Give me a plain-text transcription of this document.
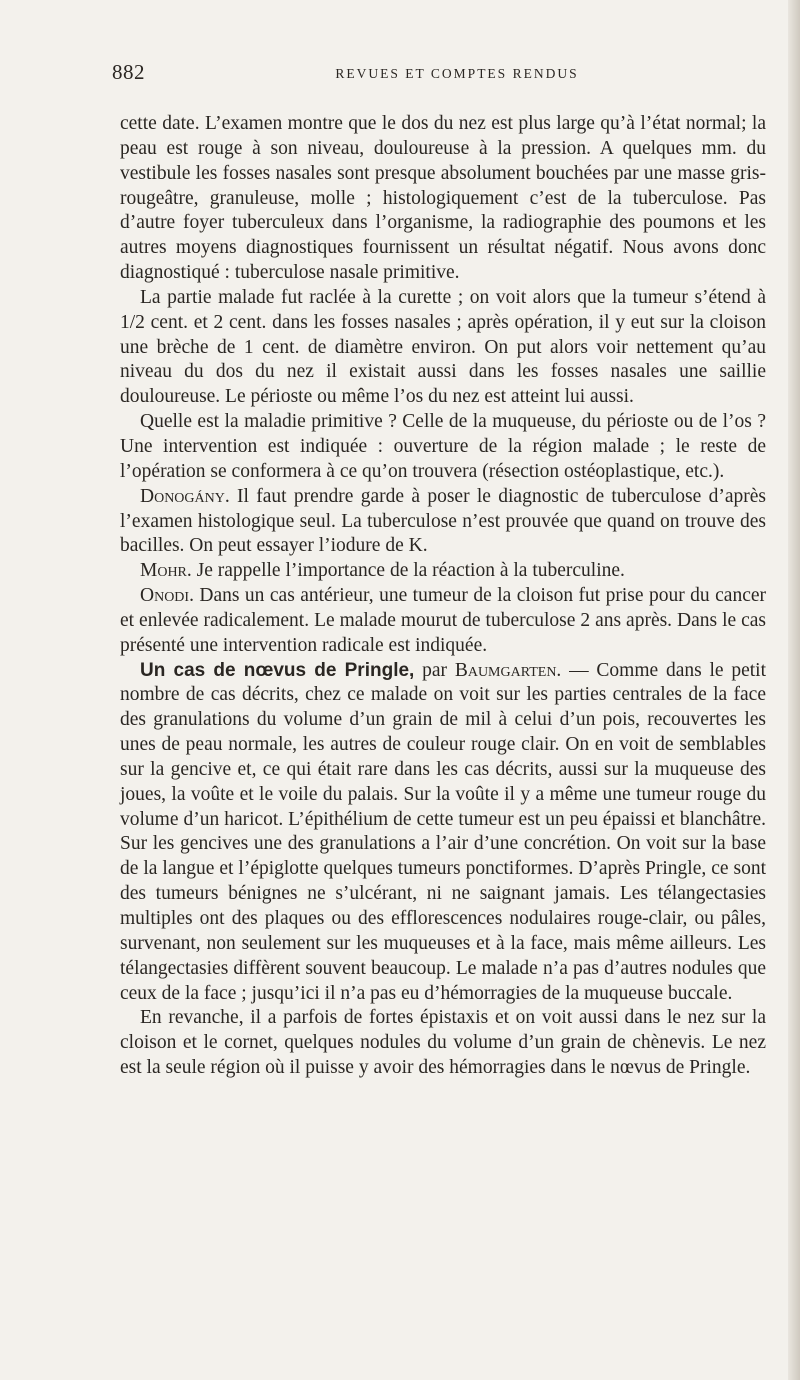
882	REVUES ET COMPTES RENDUS

cette date. L’examen montre que le dos du nez est plus large qu’à l’état normal; la peau est rouge à son niveau, douloureuse à la pression. A quelques mm. du vestibule les fosses nasales sont presque absolument bouchées par une masse gris-rougeâtre, granuleuse, molle ; histologiquement c’est de la tuberculose. Pas d’autre foyer tuberculeux dans l’organisme, la radiographie des poumons et les autres moyens diagnostiques fournissent un résultat négatif. Nous avons donc diagnostiqué : tuberculose nasale primitive.

La partie malade fut raclée à la curette ; on voit alors que la tumeur s’étend à 1/2 cent. et 2 cent. dans les fosses nasales ; après opération, il y eut sur la cloison une brèche de 1 cent. de diamètre environ. On put alors voir nettement qu’au niveau du dos du nez il existait aussi dans les fosses nasales une saillie douloureuse. Le périoste ou même l’os du nez est atteint lui aussi.

Quelle est la maladie primitive ? Celle de la muqueuse, du périoste ou de l’os ? Une intervention est indiquée : ouverture de la région malade ; le reste de l’opération se conformera à ce qu’on trouvera (résection ostéoplastique, etc.).

Donogány. Il faut prendre garde à poser le diagnostic de tuberculose d’après l’examen histologique seul. La tuberculose n’est prouvée que quand on trouve des bacilles. On peut essayer l’iodure de K.

Mohr. Je rappelle l’importance de la réaction à la tuberculine.

Onodi. Dans un cas antérieur, une tumeur de la cloison fut prise pour du cancer et enlevée radicalement. Le malade mourut de tuberculose 2 ans après. Dans le cas présenté une intervention radicale est indiquée.

Un cas de nœvus de Pringle, par Baumgarten. — Comme dans le petit nombre de cas décrits, chez ce malade on voit sur les parties centrales de la face des granulations du volume d’un grain de mil à celui d’un pois, recouvertes les unes de peau normale, les autres de couleur rouge clair. On en voit de semblables sur la gencive et, ce qui était rare dans les cas décrits, aussi sur la muqueuse des joues, la voûte et le voile du palais. Sur la voûte il y a même une tumeur rouge du volume d’un haricot. L’épithélium de cette tumeur est un peu épaissi et blanchâtre. Sur les gencives une des granulations a l’air d’une concrétion. On voit sur la base de la langue et l’épiglotte quelques tumeurs ponctiformes. D’après Pringle, ce sont des tumeurs bénignes ne s’ulcérant, ni ne saignant jamais. Les télangectasies multiples ont des plaques ou des efflorescences nodulaires rouge-clair, ou pâles, survenant, non seulement sur les muqueuses et à la face, mais même ailleurs. Les télangectasies diffèrent souvent beaucoup. Le malade n’a pas d’autres nodules que ceux de la face ; jusqu’ici il n’a pas eu d’hémorragies de la muqueuse buccale.

En revanche, il a parfois de fortes épistaxis et on voit aussi dans le nez sur la cloison et le cornet, quelques nodules du volume d’un grain de chènevis. Le nez est la seule région où il puisse y avoir des hémorragies dans le nœvus de Pringle.
